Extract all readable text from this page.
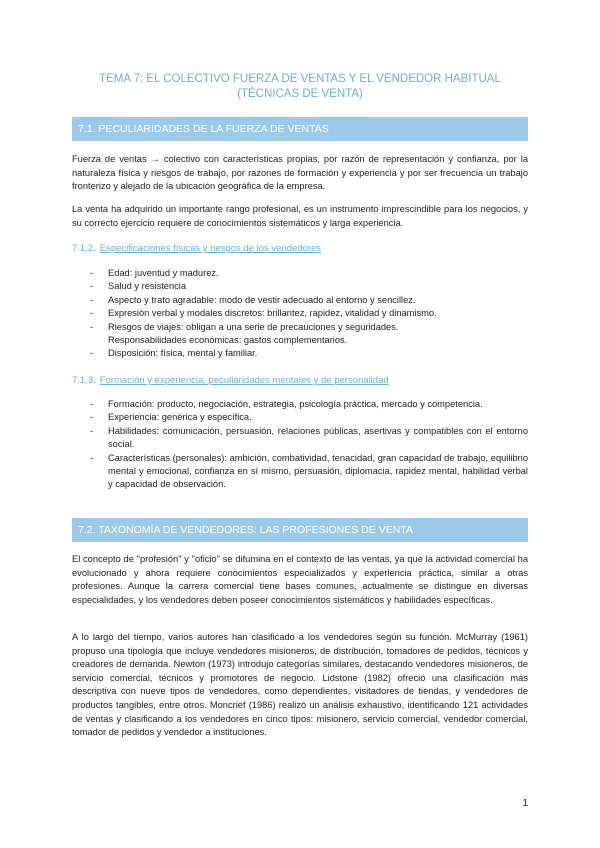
TEMA 7: EL COLECTIVO FUERZA DE VENTAS Y EL VENDEDOR HABITUAL
(TÉCNICAS DE VENTA)
7.1. PECULIARIDADES DE LA FUERZA DE VENTAS

Fuerza de ventas → colectivo con características propias, por razón de representación y confianza, por la naturaleza física y riesgos de trabajo, por razones de formación y experiencia y por ser frecuencia un trabajo fronterizo y alejado de la ubicación geográfica de la empresa.

La venta ha adquirido un importante rango profesional, es un instrumento imprescindible para los negocios, y su correcto ejercicio requiere de conocimientos sistemáticos y larga experiencia.

7.1.2. Especificaciones físicas y riesgos de los vendedores
- Edad: juventud y madurez.
- Salud y resistencia
- Aspecto y trato agradable: modo de vestir adecuado al entorno y sencillez.
- Expresión verbal y modales discretos: brillantez, rapidez, vitalidad y dinamismo.
- Riesgos de viajes: obligan a una serie de precauciones y seguridades.
Responsabilidades económicas: gastos complementarios.
- Disposición: física, mental y familiar.
7.1.3. Formación y experiencia, peculiaridades mentales y de personalidad
- Formación: producto, negociación, estrategia, psicología práctica, mercado y competencia.
- Experiencia: genérica y específica.
- Habilidades: comunicación, persuasión, relaciones públicas, asertivas y compatibles con el entorno social.
- Características (personales): ambición, combatividad, tenacidad, gran capacidad de trabajo, equilibrio mental y emocional, confianza en sí mismo, persuasión, diplomacia, rapidez mental, habilidad verbal y capacidad de observación.
7.2. TAXONOMÍA DE VENDEDORES: LAS PROFESIONES DE VENTA

El concepto de "profesión" y "oficio" se difumina en el contexto de las ventas, ya que la actividad comercial ha evolucionado y ahora requiere conocimientos especializados y experiencia práctica, similar a otras profesiones. Aunque la carrera comercial tiene bases comunes, actualmente se distingue en diversas especialidades, y los vendedores deben poseer conocimientos sistemáticos y habilidades específicas.

A lo largo del tiempo, varios autores han clasificado a los vendedores según su función. McMurray (1961) propuso una tipología que incluye vendedores misioneros, de distribución, tomadores de pedidos, técnicos y creadores de demanda. Newton (1973) introdujo categorías similares, destacando vendedores misioneros, de servicio comercial, técnicos y promotores de negocio. Lidstone (1982) ofreció una clasificación más descriptiva con nueve tipos de vendedores, como dependientes, visitadores de tiendas, y vendedores de productos tangibles, entre otros. Moncrief (1986) realizó un análisis exhaustivo, identificando 121 actividades de ventas y clasificando a los vendedores en cinco tipos: misionero, servicio comercial, vendedor comercial, tomador de pedidos y vendedor a instituciones.

1
